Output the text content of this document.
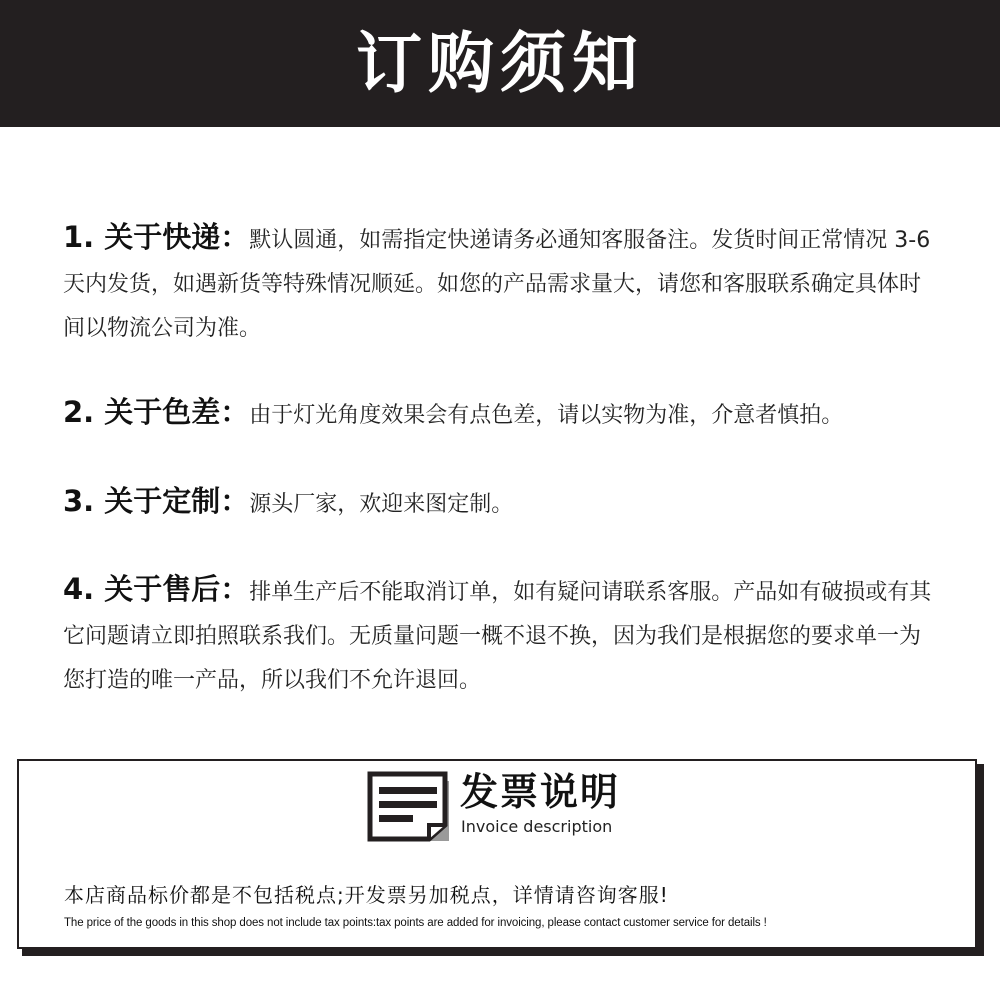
订购须知
1. 关于快递：默认圆通，如需指定快递请务必通知客服备注。发货时间正常情况 3-6 天内发货，如遇新货等特殊情况顺延。如您的产品需求量大，请您和客服联系确定具体时间以物流公司为准。
2. 关于色差：由于灯光角度效果会有点色差，请以实物为准，介意者慎拍。
3. 关于定制：源头厂家，欢迎来图定制。
4. 关于售后：排单生产后不能取消订单，如有疑问请联系客服。产品如有破损或有其它问题请立即拍照联系我们。无质量问题一概不退不换，因为我们是根据您的要求单一为您打造的唯一产品，所以我们不允许退回。
发票说明
Invoice description
本店商品标价都是不包括税点;开发票另加税点，详情请咨询客服!
The price of the goods in this shop does not include tax points:tax points are added for invoicing, please contact customer service for details !
